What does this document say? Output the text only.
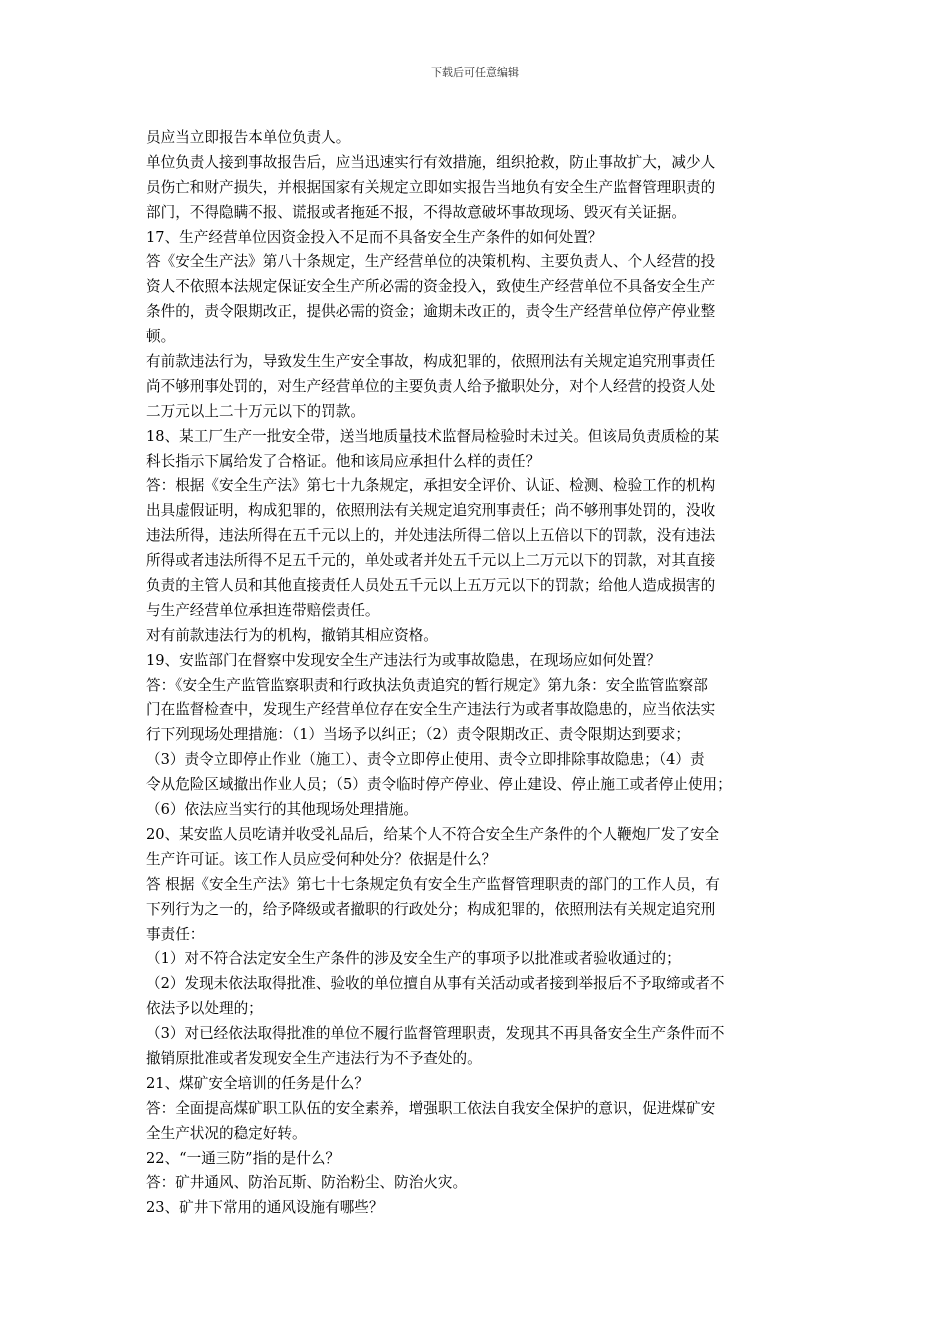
下载后可任意编辑
员应当立即报告本单位负责人。
单位负责人接到事故报告后，应当迅速实行有效措施，组织抢救，防止事故扩大，减少人
员伤亡和财产损失，并根据国家有关规定立即如实报告当地负有安全生产监督管理职责的
部门，不得隐瞒不报、谎报或者拖延不报，不得故意破坏事故现场、毁灭有关证据。
17、生产经营单位因资金投入不足而不具备安全生产条件的如何处置？
答《安全生产法》第八十条规定，生产经营单位的决策机构、主要负责人、个人经营的投
资人不依照本法规定保证安全生产所必需的资金投入，致使生产经营单位不具备安全生产
条件的，责令限期改正，提供必需的资金；逾期未改正的，责令生产经营单位停产停业整
顿。
有前款违法行为，导致发生生产安全事故，构成犯罪的，依照刑法有关规定追究刑事责任
尚不够刑事处罚的，对生产经营单位的主要负责人给予撤职处分，对个人经营的投资人处
二万元以上二十万元以下的罚款。
18、某工厂生产一批安全带，送当地质量技术监督局检验时未过关。但该局负责质检的某
科长指示下属给发了合格证。他和该局应承担什么样的责任？
答：根据《安全生产法》第七十九条规定，承担安全评价、认证、检测、检验工作的机构
出具虚假证明，构成犯罪的，依照刑法有关规定追究刑事责任；尚不够刑事处罚的，没收
违法所得，违法所得在五千元以上的，并处违法所得二倍以上五倍以下的罚款，没有违法
所得或者违法所得不足五千元的，单处或者并处五千元以上二万元以下的罚款，对其直接
负责的主管人员和其他直接责任人员处五千元以上五万元以下的罚款；给他人造成损害的
与生产经营单位承担连带赔偿责任。
对有前款违法行为的机构，撤销其相应资格。
19、安监部门在督察中发现安全生产违法行为或事故隐患，在现场应如何处置？
答：《安全生产监管监察职责和行政执法负责追究的暂行规定》第九条：安全监管监察部
门在监督检查中，发现生产经营单位存在安全生产违法行为或者事故隐患的，应当依法实
行下列现场处理措施：（1）当场予以纠正；（2）责令限期改正、责令限期达到要求；
（3）责令立即停止作业（施工）、责令立即停止使用、责令立即排除事故隐患；（4）责
令从危险区域撤出作业人员；（5）责令临时停产停业、停止建设、停止施工或者停止使用；
（6）依法应当实行的其他现场处理措施。
20、某安监人员吃请并收受礼品后，给某个人不符合安全生产条件的个人鞭炮厂发了安全
生产许可证。该工作人员应受何种处分？依据是什么？
答 根据《安全生产法》第七十七条规定负有安全生产监督管理职责的部门的工作人员，有
下列行为之一的，给予降级或者撤职的行政处分；构成犯罪的，依照刑法有关规定追究刑
事责任：
（1）对不符合法定安全生产条件的涉及安全生产的事项予以批准或者验收通过的；
（2）发现未依法取得批准、验收的单位擅自从事有关活动或者接到举报后不予取缔或者不
依法予以处理的；
（3）对已经依法取得批准的单位不履行监督管理职责，发现其不再具备安全生产条件而不
撤销原批准或者发现安全生产违法行为不予查处的。
21、煤矿安全培训的任务是什么？
答：全面提高煤矿职工队伍的安全素养，增强职工依法自我安全保护的意识，促进煤矿安
全生产状况的稳定好转。
22、“一通三防”指的是什么？
答：矿井通风、防治瓦斯、防治粉尘、防治火灾。
23、矿井下常用的通风设施有哪些？
